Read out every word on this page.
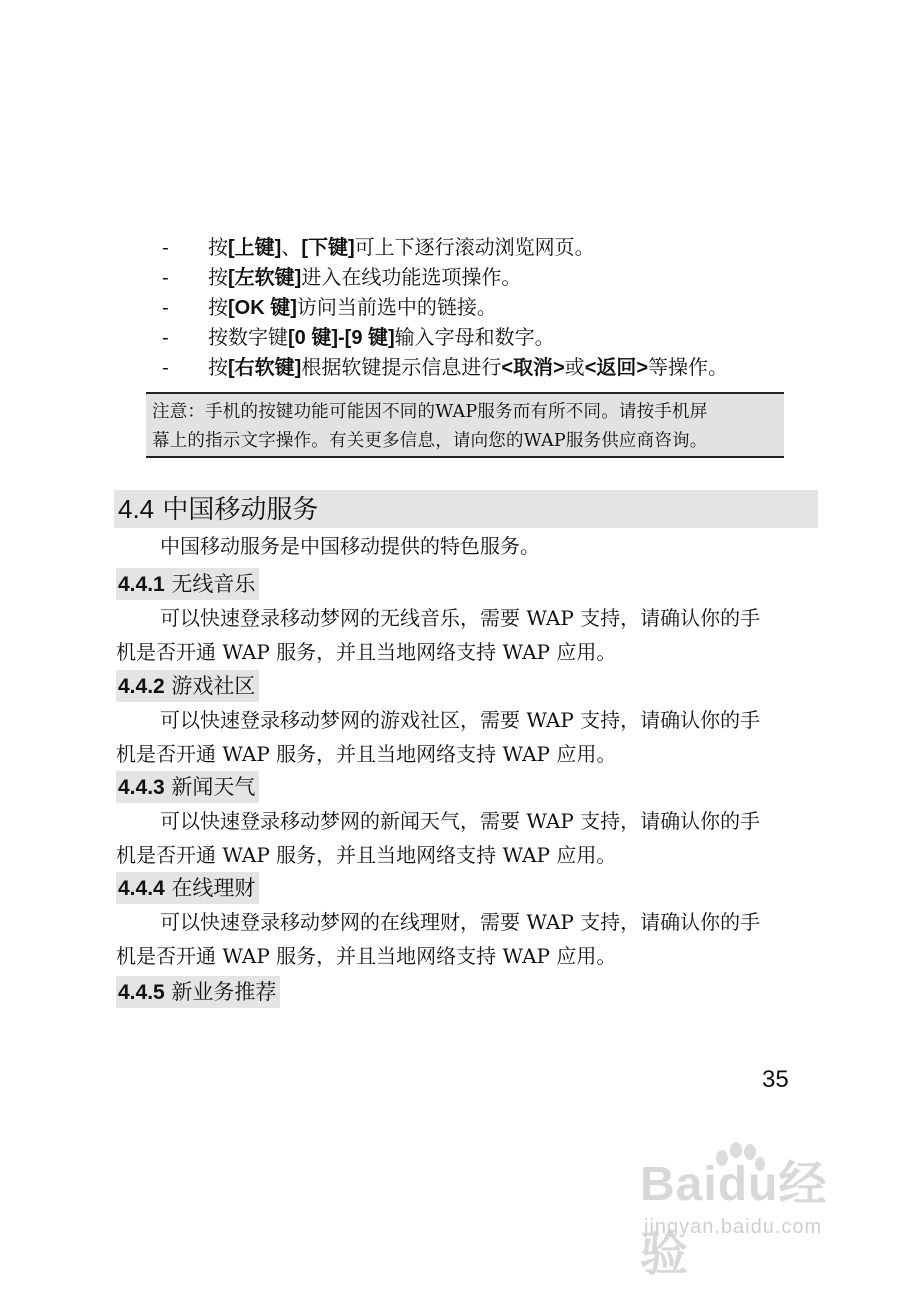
- 按[上键]、[下键]可上下逐行滚动浏览网页。
- 按[左软键]进入在线功能选项操作。
- 按[OK 键]访问当前选中的链接。
- 按数字键[0 键]-[9 键]输入字母和数字。
- 按[右软键]根据软键提示信息进行<取消>或<返回>等操作。
注意：手机的按键功能可能因不同的WAP服务而有所不同。请按手机屏
幕上的指示文字操作。有关更多信息，请向您的WAP服务供应商咨询。
4.4 中国移动服务
中国移动服务是中国移动提供的特色服务。
4.4.1 无线音乐
可以快速登录移动梦网的无线音乐，需要 WAP 支持，请确认你的手
机是否开通 WAP 服务，并且当地网络支持 WAP 应用。
4.4.2 游戏社区
可以快速登录移动梦网的游戏社区，需要 WAP 支持，请确认你的手
机是否开通 WAP 服务，并且当地网络支持 WAP 应用。
4.4.3 新闻天气
可以快速登录移动梦网的新闻天气，需要 WAP 支持，请确认你的手
机是否开通 WAP 服务，并且当地网络支持 WAP 应用。
4.4.4 在线理财
可以快速登录移动梦网的在线理财，需要 WAP 支持，请确认你的手
机是否开通 WAP 服务，并且当地网络支持 WAP 应用。
4.4.5 新业务推荐
35
Baidu经验
jingyan.baidu.com
